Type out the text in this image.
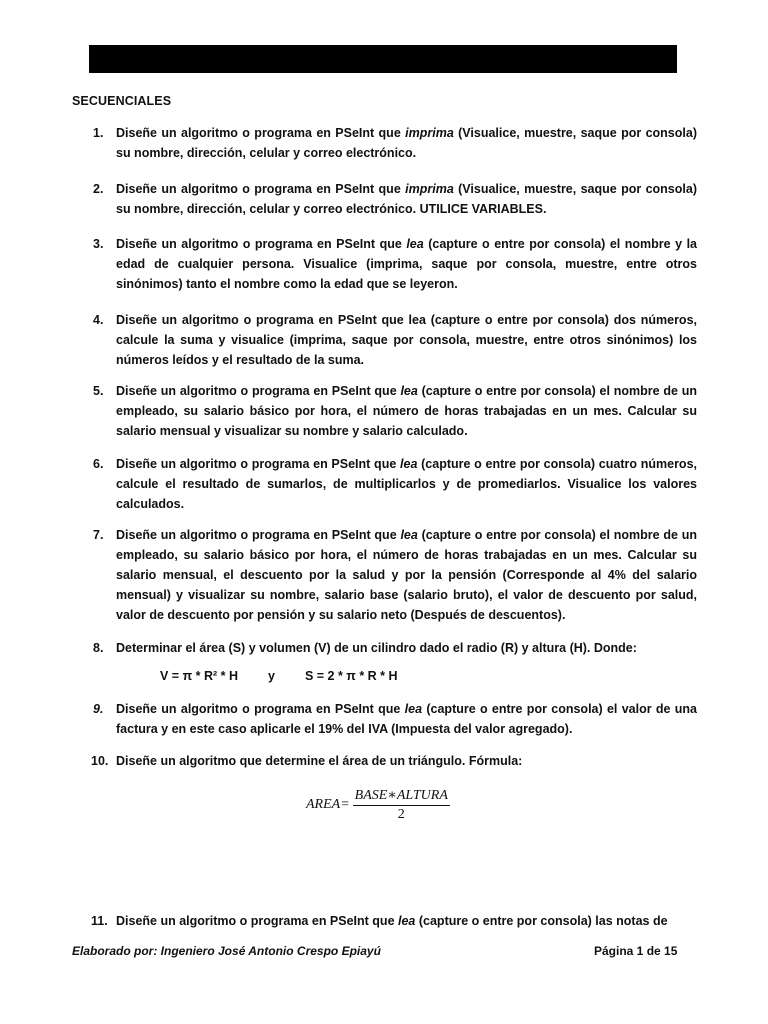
SECUENCIALES
1.	Diseñe un algoritmo o programa en PSeInt que imprima (Visualice, muestre, saque por consola) su nombre, dirección, celular y correo electrónico.
2.	Diseñe un algoritmo o programa en PSeInt que imprima (Visualice, muestre, saque por consola) su nombre, dirección, celular y correo electrónico. UTILICE VARIABLES.
3.	Diseñe un algoritmo o programa en PSeInt que lea (capture o entre por consola) el nombre y la edad de cualquier persona. Visualice (imprima, saque por consola, muestre, entre otros sinónimos) tanto el nombre como la edad que se leyeron.
4.	Diseñe un algoritmo o programa en PSeInt que lea (capture o entre por consola) dos números, calcule la suma y visualice (imprima, saque por consola, muestre, entre otros sinónimos) los números leídos y el resultado de la suma.
5.	Diseñe un algoritmo o programa en PSeInt que lea (capture o entre por consola) el nombre de un empleado, su salario básico por hora, el número de horas trabajadas en un mes. Calcular su salario mensual y visualizar su nombre y salario calculado.
6.	Diseñe un algoritmo o programa en PSeInt que lea (capture o entre por consola) cuatro números, calcule el resultado de sumarlos, de multiplicarlos y de promediarlos. Visualice los valores calculados.
7.	Diseñe un algoritmo o programa en PSeInt que lea (capture o entre por consola) el nombre de un empleado, su salario básico por hora, el número de horas trabajadas en un mes. Calcular su salario mensual, el descuento por la salud y por la pensión (Corresponde al 4% del salario mensual) y visualizar su nombre, salario base (salario bruto), el valor de descuento por salud, valor de descuento por pensión y su salario neto (Después de descuentos).
8.	Determinar el área (S) y volumen (V) de un cilindro dado el radio (R) y altura (H). Donde:
V = π * R² * H y S = 2 * π * R * H
9.	Diseñe un algoritmo o programa en PSeInt que lea (capture o entre por consola) el valor de una factura y en este caso aplicarle el 19% del IVA (Impuesta del valor agregado).
10. Diseñe un algoritmo que determine el área de un triángulo. Fórmula:
AREA= $\frac{\text{BASE∗ALTURA}}{2}$
11. Diseñe un algoritmo o programa en PSeInt que lea (capture o entre por consola) las notas de
Elaborado por: Ingeniero José Antonio Crespo Epiayú	Página 1 de 15
